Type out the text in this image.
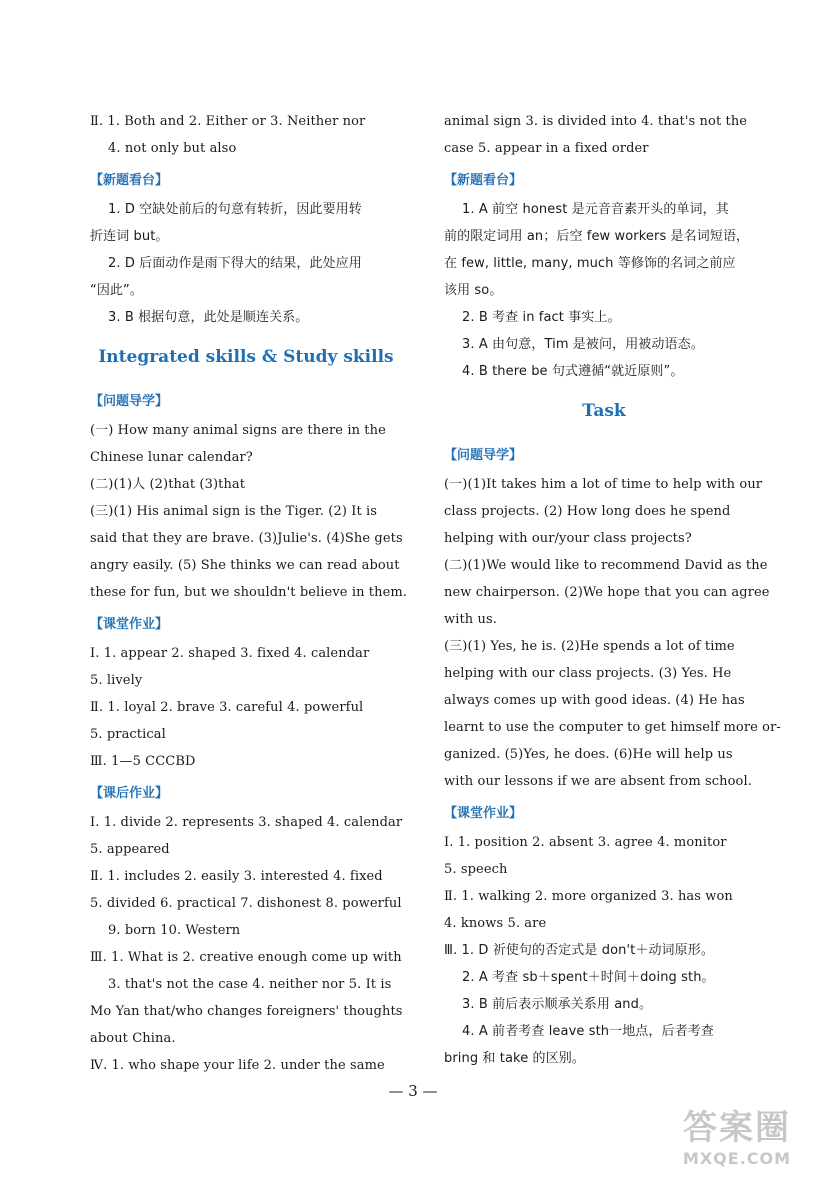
Ⅱ. 1. Both and 2. Either or 3. Neither nor
4. not only but also
【新题看台】
1. D 空缺处前后的句意有转折，因此要用转
折连词 but。
2. D 后面动作是雨下得大的结果，此处应用
“因此”。
3. B 根据句意，此处是顺连关系。
Integrated skills & Study skills
【问题导学】
(一) How many animal signs are there in the
Chinese lunar calendar?
(二)(1)人 (2)that (3)that
(三)(1) His animal sign is the Tiger. (2) It is
said that they are brave. (3)Julie's. (4)She gets
angry easily. (5) She thinks we can read about
these for fun, but we shouldn't believe in them.
【课堂作业】
Ⅰ. 1. appear 2. shaped 3. fixed 4. calendar
5. lively
Ⅱ. 1. loyal 2. brave 3. careful 4. powerful
5. practical
Ⅲ. 1—5 CCCBD
【课后作业】
Ⅰ. 1. divide 2. represents 3. shaped 4. calendar
5. appeared
Ⅱ. 1. includes 2. easily 3. interested 4. fixed
5. divided 6. practical 7. dishonest 8. powerful
9. born 10. Western
Ⅲ. 1. What is 2. creative enough come up with
3. that's not the case 4. neither nor 5. It is
Mo Yan that/who changes foreigners' thoughts
about China.
Ⅳ. 1. who shape your life 2. under the same
animal sign 3. is divided into 4. that's not the
case 5. appear in a fixed order
【新题看台】
1. A 前空 honest 是元音音素开头的单词，其
前的限定词用 an；后空 few workers 是名词短语，
在 few, little, many, much 等修饰的名词之前应
该用 so。
2. B 考查 in fact 事实上。
3. A 由句意，Tim 是被问，用被动语态。
4. B there be 句式遵循“就近原则”。
Task
【问题导学】
(一)(1)It takes him a lot of time to help with our
class projects. (2) How long does he spend
helping with our/your class projects?
(二)(1)We would like to recommend David as the
new chairperson. (2)We hope that you can agree
with us.
(三)(1) Yes, he is. (2)He spends a lot of time
helping with our class projects. (3) Yes. He
always comes up with good ideas. (4) He has
learnt to use the computer to get himself more or-
ganized. (5)Yes, he does. (6)He will help us
with our lessons if we are absent from school.
【课堂作业】
Ⅰ. 1. position 2. absent 3. agree 4. monitor
5. speech
Ⅱ. 1. walking 2. more organized 3. has won
4. knows 5. are
Ⅲ. 1. D 祈使句的否定式是 don't＋动词原形。
2. A 考查 sb＋spent＋时间＋doing sth。
3. B 前后表示顺承关系用 and。
4. A 前者考查 leave sth一地点，后者考查
bring 和 take 的区别。
— 3 —
答案圈
MXQE.COM
